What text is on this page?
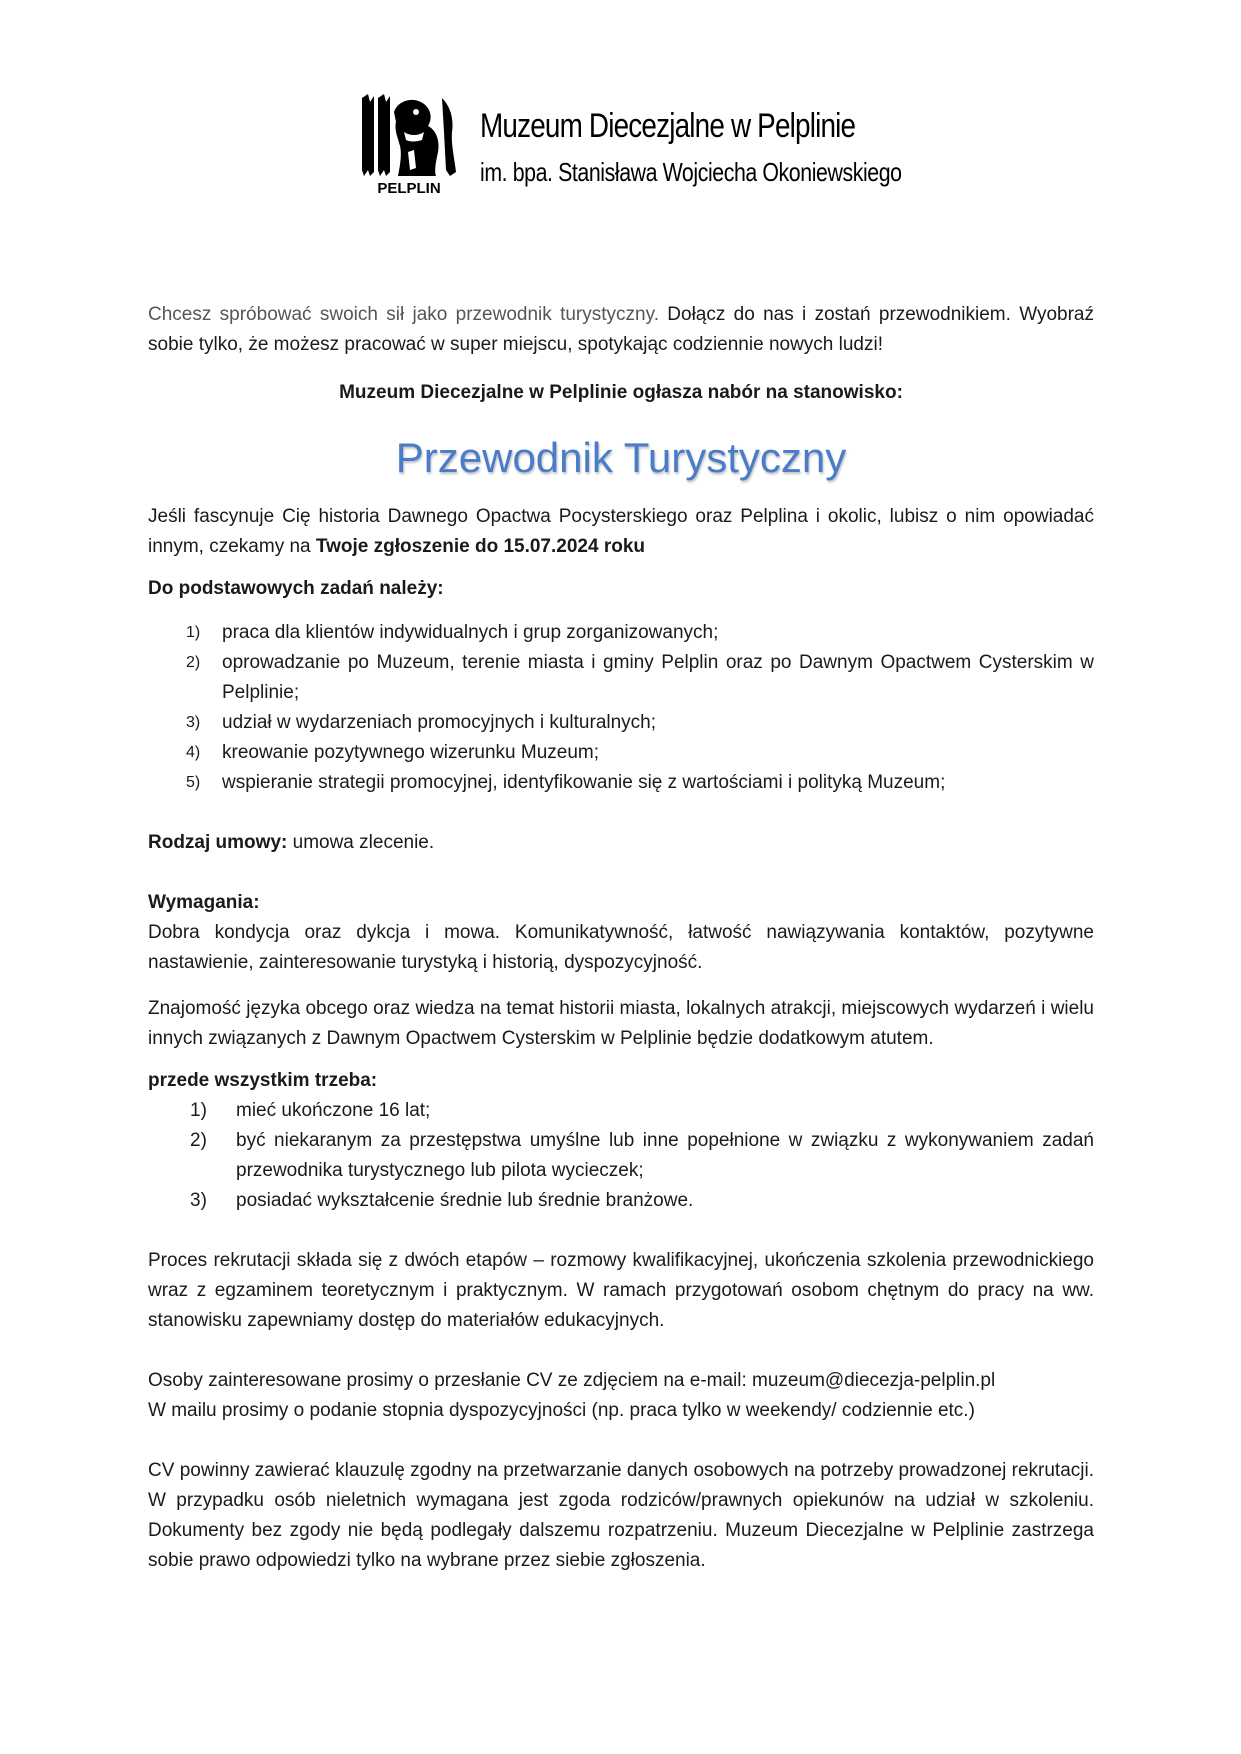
PELPLIN
Muzeum Diecezjalne w Pelplinie
im. bpa. Stanisława Wojciecha Okoniewskiego

Chcesz spróbować swoich sił jako przewodnik turystyczny. Dołącz do nas i zostań przewodnikiem. Wyobraź sobie tylko, że możesz pracować w super miejscu, spotykając codziennie nowych ludzi!

Muzeum Diecezjalne w Pelplinie ogłasza nabór na stanowisko:

Przewodnik Turystyczny

Jeśli fascynuje Cię historia Dawnego Opactwa Pocysterskiego oraz Pelplina i okolic, lubisz o nim opowiadać innym, czekamy na Twoje zgłoszenie do 15.07.2024 roku

Do podstawowych zadań należy:

1) praca dla klientów indywidualnych i grup zorganizowanych;
2) oprowadzanie po Muzeum, terenie miasta i gminy Pelplin oraz po Dawnym Opactwem Cysterskim w Pelplinie;
3) udział w wydarzeniach promocyjnych i kulturalnych;
4) kreowanie pozytywnego wizerunku Muzeum;
5) wspieranie strategii promocyjnej, identyfikowanie się z wartościami i polityką Muzeum;

Rodzaj umowy: umowa zlecenie.

Wymagania:

Dobra kondycja oraz dykcja i mowa. Komunikatywność, łatwość nawiązywania kontaktów, pozytywne nastawienie, zainteresowanie turystyką i historią, dyspozycyjność.

Znajomość języka obcego oraz wiedza na temat historii miasta, lokalnych atrakcji, miejscowych wydarzeń i wielu innych związanych z Dawnym Opactwem Cysterskim w Pelplinie będzie dodatkowym atutem.

przede wszystkim trzeba:

1) mieć ukończone 16 lat;
2) być niekaranym za przestępstwa umyślne lub inne popełnione w związku z wykonywaniem zadań przewodnika turystycznego lub pilota wycieczek;
3) posiadać wykształcenie średnie lub średnie branżowe.

Proces rekrutacji składa się z dwóch etapów – rozmowy kwalifikacyjnej, ukończenia szkolenia przewodnickiego wraz z egzaminem teoretycznym i praktycznym. W ramach przygotowań osobom chętnym do pracy na ww. stanowisku zapewniamy dostęp do materiałów edukacyjnych.

Osoby zainteresowane prosimy o przesłanie CV ze zdjęciem na e-mail: muzeum@diecezja-pelplin.pl

W mailu prosimy o podanie stopnia dyspozycyjności (np. praca tylko w weekendy/ codziennie etc.)

CV powinny zawierać klauzulę zgodny na przetwarzanie danych osobowych na potrzeby prowadzonej rekrutacji. W przypadku osób nieletnich wymagana jest zgoda rodziców/prawnych opiekunów na udział w szkoleniu. Dokumenty bez zgody nie będą podlegały dalszemu rozpatrzeniu. Muzeum Diecezjalne w Pelplinie zastrzega sobie prawo odpowiedzi tylko na wybrane przez siebie zgłoszenia.
